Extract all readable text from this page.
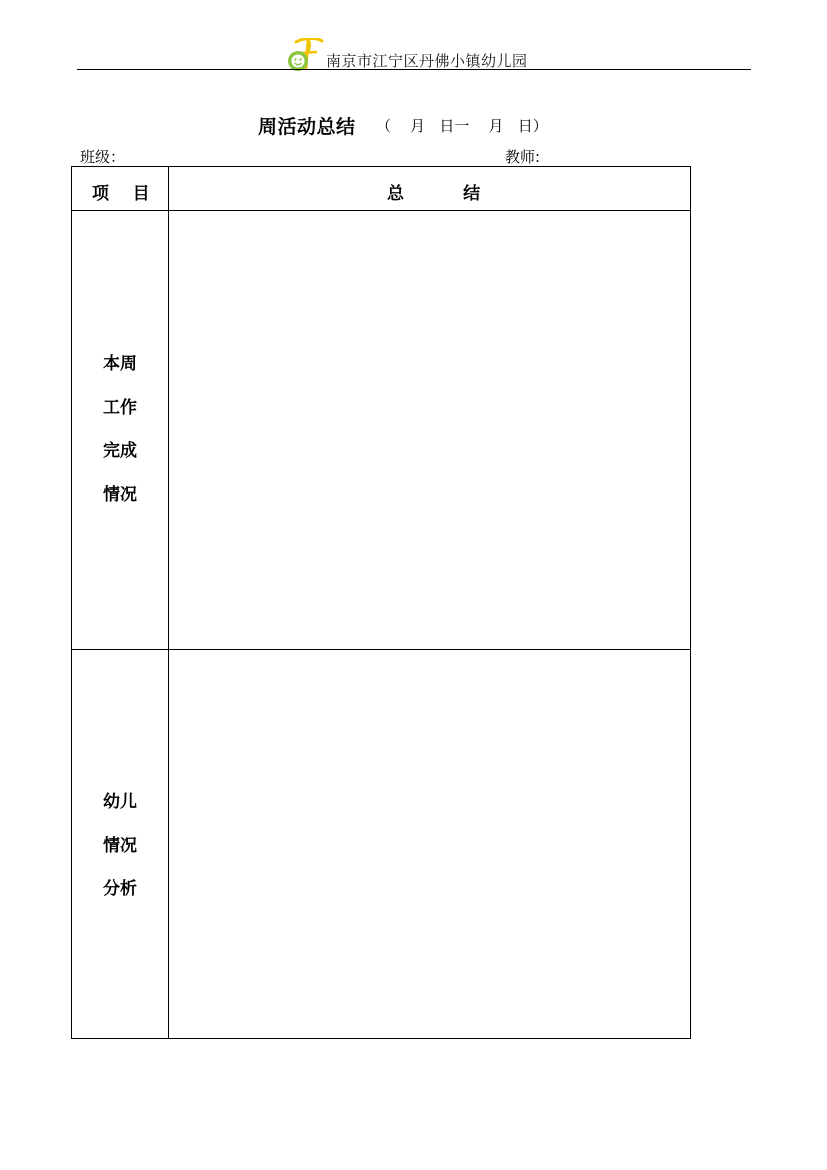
南京市江宁区丹佛小镇幼儿园
周活动总结 （    月   日一    月   日）
班级：	教师:
项    目	总          结
本周
工作
完成
情况
幼儿
情况
分析
